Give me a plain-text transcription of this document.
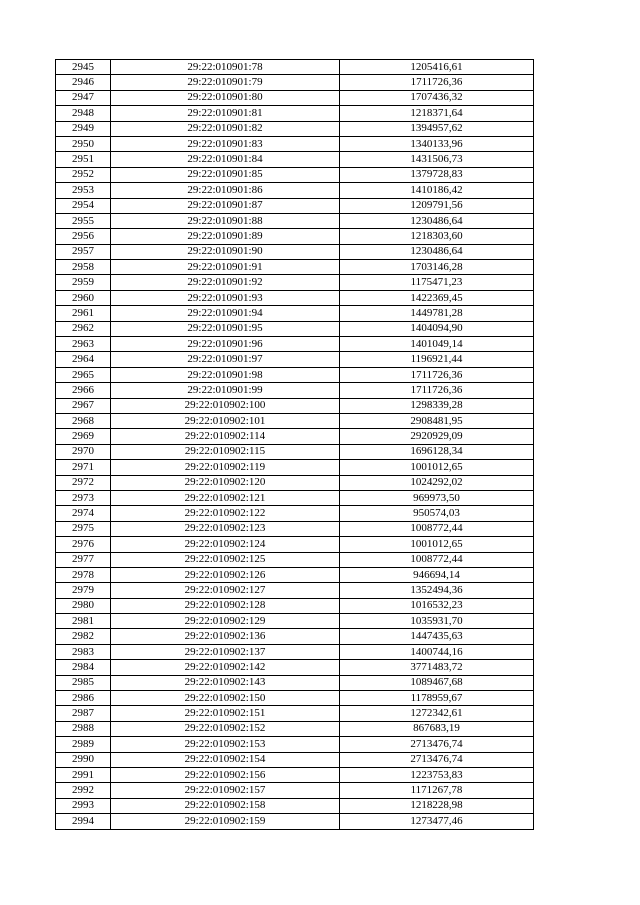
2945	29:22:010901:78	1205416,61
2946	29:22:010901:79	1711726,36
2947	29:22:010901:80	1707436,32
2948	29:22:010901:81	1218371,64
2949	29:22:010901:82	1394957,62
2950	29:22:010901:83	1340133,96
2951	29:22:010901:84	1431506,73
2952	29:22:010901:85	1379728,83
2953	29:22:010901:86	1410186,42
2954	29:22:010901:87	1209791,56
2955	29:22:010901:88	1230486,64
2956	29:22:010901:89	1218303,60
2957	29:22:010901:90	1230486,64
2958	29:22:010901:91	1703146,28
2959	29:22:010901:92	1175471,23
2960	29:22:010901:93	1422369,45
2961	29:22:010901:94	1449781,28
2962	29:22:010901:95	1404094,90
2963	29:22:010901:96	1401049,14
2964	29:22:010901:97	1196921,44
2965	29:22:010901:98	1711726,36
2966	29:22:010901:99	1711726,36
2967	29:22:010902:100	1298339,28
2968	29:22:010902:101	2908481,95
2969	29:22:010902:114	2920929,09
2970	29:22:010902:115	1696128,34
2971	29:22:010902:119	1001012,65
2972	29:22:010902:120	1024292,02
2973	29:22:010902:121	969973,50
2974	29:22:010902:122	950574,03
2975	29:22:010902:123	1008772,44
2976	29:22:010902:124	1001012,65
2977	29:22:010902:125	1008772,44
2978	29:22:010902:126	946694,14
2979	29:22:010902:127	1352494,36
2980	29:22:010902:128	1016532,23
2981	29:22:010902:129	1035931,70
2982	29:22:010902:136	1447435,63
2983	29:22:010902:137	1400744,16
2984	29:22:010902:142	3771483,72
2985	29:22:010902:143	1089467,68
2986	29:22:010902:150	1178959,67
2987	29:22:010902:151	1272342,61
2988	29:22:010902:152	867683,19
2989	29:22:010902:153	2713476,74
2990	29:22:010902:154	2713476,74
2991	29:22:010902:156	1223753,83
2992	29:22:010902:157	1171267,78
2993	29:22:010902:158	1218228,98
2994	29:22:010902:159	1273477,46
